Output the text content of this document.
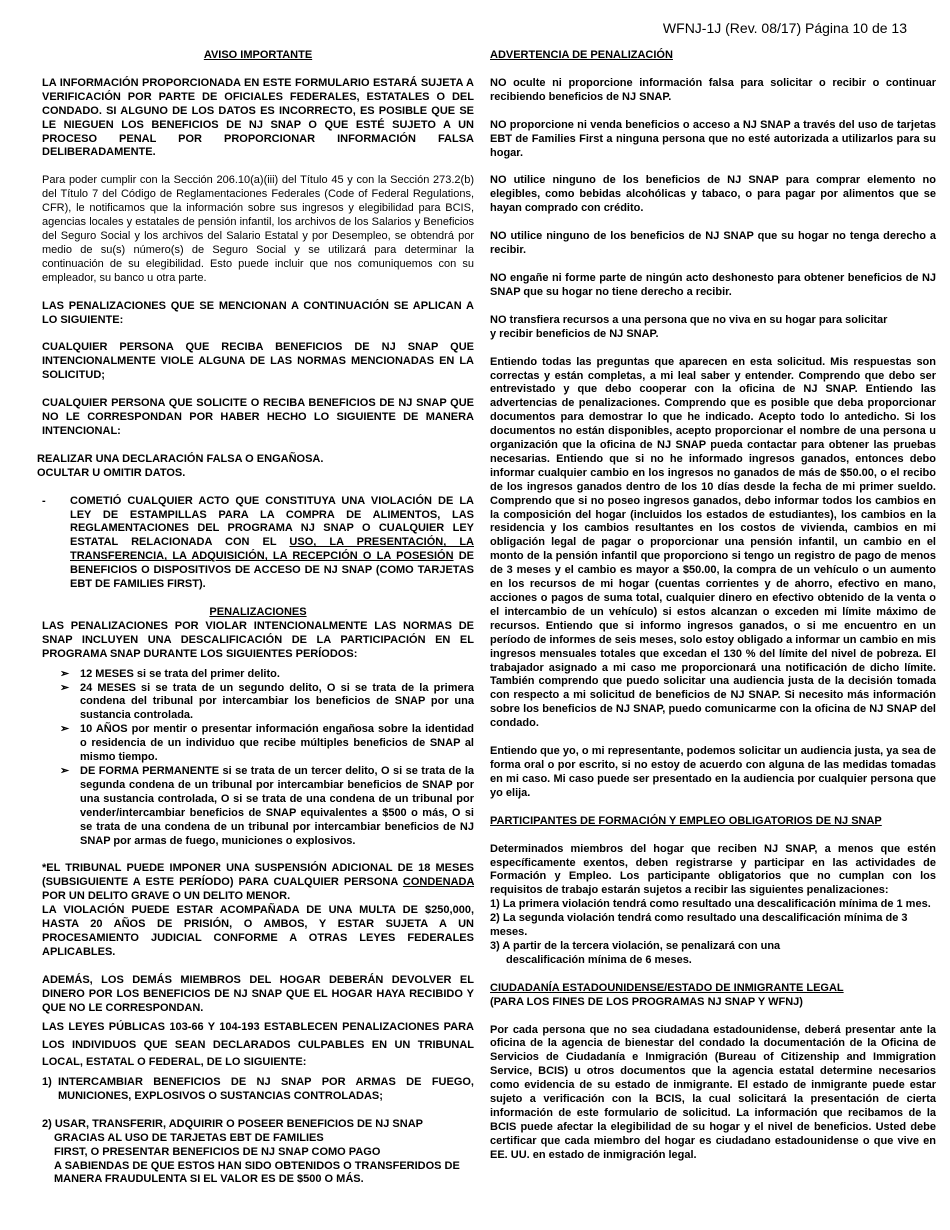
WFNJ-1J (Rev. 08/17) Página 10 de 13

AVISO IMPORTANTE

LA INFORMACIÓN PROPORCIONADA EN ESTE FORMULARIO ESTARÁ SUJETA A VERIFICACIÓN POR PARTE DE OFICIALES FEDERALES, ESTATALES O DEL CONDADO. SI ALGUNO DE LOS DATOS ES INCORRECTO, ES POSIBLE QUE SE LE NIEGUEN LOS BENEFICIOS DE NJ SNAP O QUE ESTÉ SUJETO A UN PROCESO PENAL POR PROPORCIONAR INFORMACIÓN FALSA DELIBERADAMENTE.

Para poder cumplir con la Sección 206.10(a)(iii) del Título 45 y con la Sección 273.2(b) del Título 7 del Código de Reglamentaciones Federales (Code of Federal Regulations, CFR), le notificamos que la información sobre sus ingresos y elegibilidad para BCIS, agencias locales y estatales de pensión infantil, los archivos de los Salarios y Beneficios del Seguro Social y los archivos del Salario Estatal y por Desempleo, se obtendrá por medio de su(s) número(s) de Seguro Social y se utilizará para determinar la continuación de su elegibilidad. Esto puede incluir que nos comuniquemos con su empleador, su banco u otra parte.

LAS PENALIZACIONES QUE SE MENCIONAN A CONTINUACIÓN SE APLICAN A LO SIGUIENTE:

CUALQUIER PERSONA QUE RECIBA BENEFICIOS DE NJ SNAP QUE INTENCIONALMENTE VIOLE ALGUNA DE LAS NORMAS MENCIONADAS EN LA SOLICITUD;

CUALQUIER PERSONA QUE SOLICITE O RECIBA BENEFICIOS DE NJ SNAP QUE NO LE CORRESPONDAN POR HABER HECHO LO SIGUIENTE DE MANERA INTENCIONAL:

REALIZAR UNA DECLARACIÓN FALSA O ENGAÑOSA.

OCULTAR U OMITIR DATOS.

-	COMETIÓ CUALQUIER ACTO QUE CONSTITUYA UNA VIOLACIÓN DE LA LEY DE ESTAMPILLAS PARA LA COMPRA DE ALIMENTOS, LAS REGLAMENTACIONES DEL PROGRAMA NJ SNAP O CUALQUIER LEY ESTATAL RELACIONADA CON EL USO, LA PRESENTACIÓN, LA TRANSFERENCIA, LA ADQUISICIÓN, LA RECEPCIÓN O LA POSESIÓN DE BENEFICIOS O DISPOSITIVOS DE ACCESO DE NJ SNAP (COMO TARJETAS EBT DE FAMILIES FIRST).

PENALIZACIONES

LAS PENALIZACIONES POR VIOLAR INTENCIONALMENTE LAS NORMAS DE SNAP INCLUYEN UNA DESCALIFICACIÓN DE LA PARTICIPACIÓN EN EL PROGRAMA SNAP DURANTE LOS SIGUIENTES PERÍODOS:

➢ 12 MESES si se trata del primer delito.
➢ 24 MESES si se trata de un segundo delito, O si se trata de la primera condena del tribunal por intercambiar los beneficios de SNAP por una sustancia controlada.
➢ 10 AÑOS por mentir o presentar información engañosa sobre la identidad o residencia de un individuo que recibe múltiples beneficios de SNAP al mismo tiempo.
➢ DE FORMA PERMANENTE si se trata de un tercer delito, O si se trata de la segunda condena de un tribunal por intercambiar beneficios de SNAP por una sustancia controlada, O si se trata de una condena de un tribunal por vender/intercambiar beneficios de SNAP equivalentes a $500 o más, O si se trata de una condena de un tribunal por intercambiar beneficios de NJ SNAP por armas de fuego, municiones o explosivos.

*EL TRIBUNAL PUEDE IMPONER UNA SUSPENSIÓN ADICIONAL DE 18 MESES (SUBSIGUIENTE A ESTE PERÍODO) PARA CUALQUIER PERSONA CONDENADA POR UN DELITO GRAVE O UN DELITO MENOR.

LA VIOLACIÓN PUEDE ESTAR ACOMPAÑADA DE UNA MULTA DE $250,000, HASTA 20 AÑOS DE PRISIÓN, O AMBOS, Y ESTAR SUJETA A UN PROCESAMIENTO JUDICIAL CONFORME A OTRAS LEYES FEDERALES APLICABLES.

ADEMÁS, LOS DEMÁS MIEMBROS DEL HOGAR DEBERÁN DEVOLVER EL DINERO POR LOS BENEFICIOS DE NJ SNAP QUE EL HOGAR HAYA RECIBIDO Y QUE NO LE CORRESPONDAN.

LAS LEYES PÚBLICAS 103-66 Y 104-193 ESTABLECEN PENALIZACIONES PARA LOS INDIVIDUOS QUE SEAN DECLARADOS CULPABLES EN UN TRIBUNAL LOCAL, ESTATAL O FEDERAL, DE LO SIGUIENTE:

1) INTERCAMBIAR BENEFICIOS DE NJ SNAP POR ARMAS DE FUEGO, MUNICIONES, EXPLOSIVOS O SUSTANCIAS CONTROLADAS;

2) USAR, TRANSFERIR, ADQUIRIR O POSEER BENEFICIOS DE NJ SNAP

GRACIAS AL USO DE TARJETAS EBT DE FAMILIES

FIRST, O PRESENTAR BENEFICIOS DE NJ SNAP COMO PAGO

A SABIENDAS DE QUE ESTOS HAN SIDO OBTENIDOS O TRANSFERIDOS DE

MANERA FRAUDULENTA SI EL VALOR ES DE $500 O MÁS.

ADVERTENCIA DE PENALIZACIÓN

NO oculte ni proporcione información falsa para solicitar o recibir o continuar recibiendo beneficios de NJ SNAP.

NO proporcione ni venda beneficios o acceso a NJ SNAP a través del uso de tarjetas EBT de Families First a ninguna persona que no esté autorizada a utilizarlos para su hogar.

NO utilice ninguno de los beneficios de NJ SNAP para comprar elemento no elegibles, como bebidas alcohólicas y tabaco, o para pagar por alimentos que se hayan comprado con crédito.

NO utilice ninguno de los beneficios de NJ SNAP que su hogar no tenga derecho a recibir.

NO engañe ni forme parte de ningún acto deshonesto para obtener beneficios de NJ SNAP que su hogar no tiene derecho a recibir.

NO transfiera recursos a una persona que no viva en su hogar para solicitar

y recibir beneficios de NJ SNAP.

Entiendo todas las preguntas que aparecen en esta solicitud. Mis respuestas son correctas y están completas, a mi leal saber y entender. Comprendo que debo ser entrevistado y que debo cooperar con la oficina de NJ SNAP. Entiendo las advertencias de penalizaciones. Comprendo que es posible que deba proporcionar documentos para demostrar lo que he indicado. Acepto todo lo antedicho. Si los documentos no están disponibles, acepto proporcionar el nombre de una persona u organización que la oficina de NJ SNAP pueda contactar para obtener las pruebas necesarias. Entiendo que si no he informado ingresos ganados, entonces debo informar cualquier cambio en los ingresos no ganados de más de $50.00, o el recibo de los ingresos ganados dentro de los 10 días desde la fecha de mi primer sueldo. Comprendo que si no poseo ingresos ganados, debo informar todos los cambios en la composición del hogar (incluidos los estados de estudiantes), los cambios en la residencia y los cambios resultantes en los costos de vivienda, cambios en mi obligación legal de pagar o proporcionar una pensión infantil, un cambio en el monto de la pensión infantil que proporciono si tengo un registro de pago de menos de 3 meses y el cambio es mayor a $50.00, la compra de un vehículo o un aumento en los recursos de mi hogar (cuentas corrientes y de ahorro, efectivo en mano, acciones o pagos de suma total, cualquier dinero en efectivo obtenido de la venta o el intercambio de un vehículo) si estos alcanzan o exceden mi límite máximo de recursos. Entiendo que si informo ingresos ganados, o si me encuentro en un período de informes de seis meses, solo estoy obligado a informar un cambio en mis ingresos mensuales totales que excedan el 130 % del límite del nivel de pobreza. El trabajador asignado a mi caso me proporcionará una notificación de dicho límite. También comprendo que puedo solicitar una audiencia justa de la decisión tomada con respecto a mi solicitud de beneficios de NJ SNAP. Si necesito más información sobre los beneficios de NJ SNAP, puedo comunicarme con la oficina de NJ SNAP del condado.

Entiendo que yo, o mi representante, podemos solicitar un audiencia justa, ya sea de forma oral o por escrito, si no estoy de acuerdo con alguna de las medidas tomadas en mi caso. Mi caso puede ser presentado en la audiencia por cualquier persona que yo elija.

PARTICIPANTES DE FORMACIÓN Y EMPLEO OBLIGATORIOS DE NJ SNAP

Determinados miembros del hogar que reciben NJ SNAP, a menos que estén específicamente exentos, deben registrarse y participar en las actividades de Formación y Empleo. Los participante obligatorios que no cumplan con los requisitos de trabajo estarán sujetos a recibir las siguientes penalizaciones:

1) La primera violación tendrá como resultado una descalificación mínima de 1 mes.

2) La segunda violación tendrá como resultado una descalificación mínima de 3 meses.

3) A partir de la tercera violación, se penalizará con una

descalificación mínima de 6 meses.

CIUDADANÍA ESTADOUNIDENSE/ESTADO DE INMIGRANTE LEGAL

(PARA LOS FINES DE LOS PROGRAMAS NJ SNAP Y WFNJ)

Por cada persona que no sea ciudadana estadounidense, deberá presentar ante la oficina de la agencia de bienestar del condado la documentación de la Oficina de Servicios de Ciudadanía e Inmigración (Bureau of Citizenship and Immigration Service, BCIS) u otros documentos que la agencia estatal determine necesarios como evidencia de su estado de inmigrante. El estado de inmigrante puede estar sujeto a verificación con la BCIS, la cual solicitará la presentación de cierta información de este formulario de solicitud. La información que recibamos de la BCIS puede afectar la elegibilidad de su hogar y el nivel de beneficios. Usted debe certificar que cada miembro del hogar es ciudadano estadounidense o que vive en EE. UU. en estado de inmigración legal.
